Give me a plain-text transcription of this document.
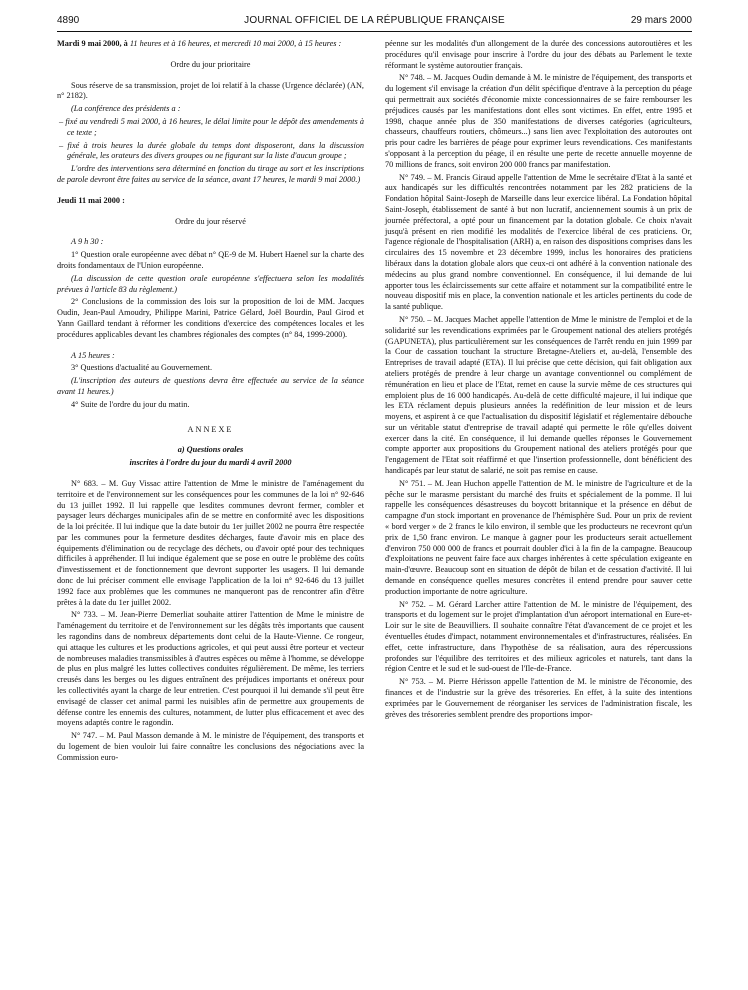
4890	JOURNAL OFFICIEL DE LA RÉPUBLIQUE FRANÇAISE	29 mars 2000

Mardi 9 mai 2000, à 11 heures et à 16 heures, et mercredi 10 mai 2000, à 15 heures :

Ordre du jour prioritaire

Sous réserve de sa transmission, projet de loi relatif à la chasse (Urgence déclarée) (AN, n° 2182).

(La conférence des présidents a :

– fixé au vendredi 5 mai 2000, à 16 heures, le délai limite pour le dépôt des amendements à ce texte ;

– fixé à trois heures la durée globale du temps dont disposeront, dans la discussion générale, les orateurs des divers groupes ou ne figurant sur la liste d'aucun groupe ;

L'ordre des interventions sera déterminé en fonction du tirage au sort et les inscriptions de parole devront être faites au service de la séance, avant 17 heures, le mardi 9 mai 2000.)

Jeudi 11 mai 2000 :

Ordre du jour réservé

A 9 h 30 :

1° Question orale européenne avec débat n° QE-9 de M. Hubert Haenel sur la charte des droits fondamentaux de l'Union européenne.

(La discussion de cette question orale européenne s'effectuera selon les modalités prévues à l'article 83 du règlement.)

2° Conclusions de la commission des lois sur la proposition de loi de MM. Jacques Oudin, Jean-Paul Amoudry, Philippe Marini, Patrice Gélard, Joël Bourdin, Paul Girod et Yann Gaillard tendant à réformer les conditions d'exercice des compétences locales et les procédures applicables devant les chambres régionales des comptes (n° 84, 1999-2000).

A 15 heures :

3° Questions d'actualité au Gouvernement.

(L'inscription des auteurs de questions devra être effectuée au service de la séance avant 11 heures.)

4° Suite de l'ordre du jour du matin.

ANNEXE

a) Questions orales

inscrites à l'ordre du jour du mardi 4 avril 2000

N° 683. – M. Guy Vissac attire l'attention de Mme le ministre de l'aménagement du territoire et de l'environnement sur les conséquences pour les communes de la loi n° 92-646 du 13 juillet 1992. Il lui rappelle que lesdites communes devront fermer, combler et paysager leurs décharges municipales afin de se mettre en conformité avec les dispositions de la loi précitée. Il lui indique que la date butoir du 1er juillet 2002 ne pourra être respectée par les communes pour la fermeture desdites décharges, faute d'avoir mis en place des équipements d'élimination ou de recyclage des déchets, ou d'avoir opté pour des techniques difficiles à appréhender. Il lui indique également que se pose en outre le problème des coûts d'investissement et de fonctionnement que devront supporter les usagers. Il lui demande donc de lui préciser comment elle envisage l'application de la loi n° 92-646 du 13 juillet 1992 face aux problèmes que les communes ne manqueront pas de rencontrer afin d'être prêtes à la date du 1er juillet 2002.

N° 733. – M. Jean-Pierre Demerliat souhaite attirer l'attention de Mme le ministre de l'aménagement du territoire et de l'environnement sur les dégâts très importants que causent les ragondins dans de nombreux départements dont celui de la Haute-Vienne. Ce rongeur, qui attaque les cultures et les productions agricoles, et qui peut aussi être porteur et vecteur de nombreuses maladies transmissibles à d'autres espèces ou même à l'homme, se développe de plus en plus malgré les luttes collectives conduites régulièrement. De même, les terriers creusés dans les berges ou les digues entraînent des préjudices importants et onéreux pour les collectivités ayant la charge de leur entretien. C'est pourquoi il lui demande s'il peut être envisagé de classer cet animal parmi les nuisibles afin de permettre aux groupements de défense contre les ennemis des cultures, notamment, de lutter plus efficacement et avec des moyens adaptés contre le ragondin.

N° 747. – M. Paul Masson demande à M. le ministre de l'équipement, des transports et du logement de bien vouloir lui faire connaître les conclusions des négociations avec la Commission euro-

péenne sur les modalités d'un allongement de la durée des concessions autoroutières et les procédures qu'il envisage pour inscrire à l'ordre du jour des débats au Parlement le texte réformant le système autoroutier français.

N° 748. – M. Jacques Oudin demande à M. le ministre de l'équipement, des transports et du logement s'il envisage la création d'un délit spécifique d'entrave à la perception du péage qui permettrait aux sociétés d'économie mixte concessionnaires de se faire rembourser les préjudices causés par les manifestations dont elles sont victimes. En effet, entre 1995 et 1998, chaque année plus de 350 manifestations de diverses catégories (agriculteurs, chasseurs, chauffeurs routiers, chômeurs...) sans lien avec l'exploitation des autoroutes ont pris pour cadre les barrières de péage pour exprimer leurs revendications. Ces manifestants s'opposant à la perception du péage, il en résulte une perte de recette annuelle moyenne de 70 millions de francs, soit environ 200 000 francs par manifestation.

N° 749. – M. Francis Giraud appelle l'attention de Mme le secrétaire d'Etat à la santé et aux handicapés sur les difficultés rencontrées notamment par les 282 praticiens de la Fondation hôpital Saint-Joseph de Marseille dans leur exercice libéral. La Fondation hôpital Saint-Joseph, établissement de santé à but non lucratif, anciennement soumis à un prix de journée préfectoral, a opté pour un financement par la dotation globale. Ce choix n'avait jusqu'à présent en rien modifié les modalités de l'exercice libéral de ces praticiens. Or, l'agence régionale de l'hospitalisation (ARH) a, en raison des dispositions comprises dans les circulaires des 15 novembre et 23 décembre 1999, inclus les honoraires des praticiens libéraux dans la dotation globale alors que ceux-ci ont adhéré à la convention nationale des médecins au plus grand nombre conventionnel. En conséquence, il lui demande de lui apporter tous les éclaircissements sur cette affaire et notamment sur la compatibilité entre le nouveau dispositif mis en place, la convention nationale et les articles pertinents du code de la santé publique.

N° 750. – M. Jacques Machet appelle l'attention de Mme le ministre de l'emploi et de la solidarité sur les revendications exprimées par le Groupement national des ateliers protégés (GAPUNETA), plus particulièrement sur les conséquences de l'arrêt rendu en juin 1999 par la Cour de cassation touchant la structure Bretagne-Ateliers et, au-delà, l'ensemble des Entreprises de travail adapté (ETA). Il lui précise que cette décision, qui fait obligation aux ateliers protégés de prendre à leur charge un avantage conventionnel ou complément de rémunération en lieu et place de l'Etat, remet en cause la survie même de ces structures qui emploient plus de 16 000 handicapés. Au-delà de cette difficulté majeure, il lui indique que les ETA réclament depuis plusieurs années la redéfinition de leur mission et de leurs moyens, et aspirent à ce que l'actualisation du dispositif législatif et réglementaire débouche sur un véritable statut d'entreprise de travail adapté qui permette le rôle qu'elles doivent exercer dans la cité. En conséquence, il lui demande quelles réponses le Gouvernement compte apporter aux propositions du Groupement national des ateliers protégés pour que l'engagement de l'Etat soit réaffirmé et que l'insertion professionnelle, dont bénéficient des handicapés par leur statut de salarié, ne soit pas remise en cause.

N° 751. – M. Jean Huchon appelle l'attention de M. le ministre de l'agriculture et de la pêche sur le marasme persistant du marché des fruits et spécialement de la pomme. Il lui rappelle les conséquences désastreuses du boycott britannique et la présence en début de campagne d'un stock important en provenance de l'hémisphère Sud. Pour un prix de revient « bord verger » de 2 francs le kilo environ, il semble que les producteurs ne recevront qu'un prix de 1,50 franc environ. Le manque à gagner pour les producteurs serait actuellement d'environ 750 000 000 de francs et pourrait doubler d'ici à la fin de la campagne. Beaucoup d'exploitations ne peuvent faire face aux charges inhérentes à cette spéculation exigeante en main-d'œuvre. Beaucoup sont en situation de dépôt de bilan et de cessation d'activité. Il lui demande en conséquence quelles mesures concrètes il entend prendre pour sauver cette production importante de notre agriculture.

N° 752. – M. Gérard Larcher attire l'attention de M. le ministre de l'équipement, des transports et du logement sur le projet d'implantation d'un aéroport international en Eure-et-Loir sur le site de Beauvilliers. Il souhaite connaître l'état d'avancement de ce projet et les éventuelles études d'impact, notamment environnementales et d'infrastructures, réalisées. En effet, cette infrastructure, dans l'hypothèse de sa réalisation, aura des répercussions profondes sur l'équilibre des territoires et des milieux agricoles et naturels, tant dans la région Centre et le sud et le sud-ouest de l'Ile-de-France.

N° 753. – M. Pierre Hérisson appelle l'attention de M. le ministre de l'économie, des finances et de l'industrie sur la grève des trésoreries. En effet, à la suite des intentions exprimées par le Gouvernement de réorganiser les services de l'administration fiscale, les grèves des trésoreries semblent prendre des proportions impor-
